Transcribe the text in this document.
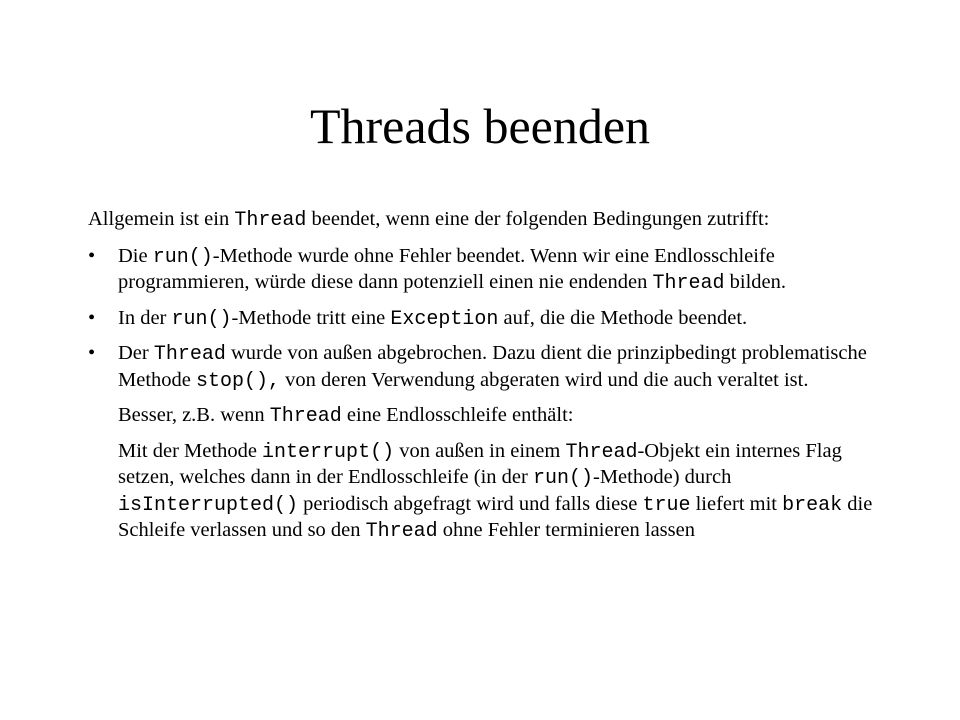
Threads beenden

Allgemein ist ein Thread beendet, wenn eine der folgenden Bedingungen zutrifft:

• Die run()-Methode wurde ohne Fehler beendet. Wenn wir eine Endlosschleife programmieren, würde diese dann potenziell einen nie endenden Thread bilden.
• In der run()-Methode tritt eine Exception auf, die die Methode beendet.
• Der Thread wurde von außen abgebrochen. Dazu dient die prinzipbedingt problematische Methode stop(), von deren Verwendung abgeraten wird und die auch veraltet ist.

Besser, z.B. wenn Thread eine Endlosschleife enthält:

Mit der Methode interrupt() von außen in einem Thread-Objekt ein internes Flag setzen, welches dann in der Endlosschleife (in der run()-Methode) durch isInterrupted() periodisch abgefragt wird und falls diese true liefert mit break die Schleife verlassen und so den Thread ohne Fehler terminieren lassen
